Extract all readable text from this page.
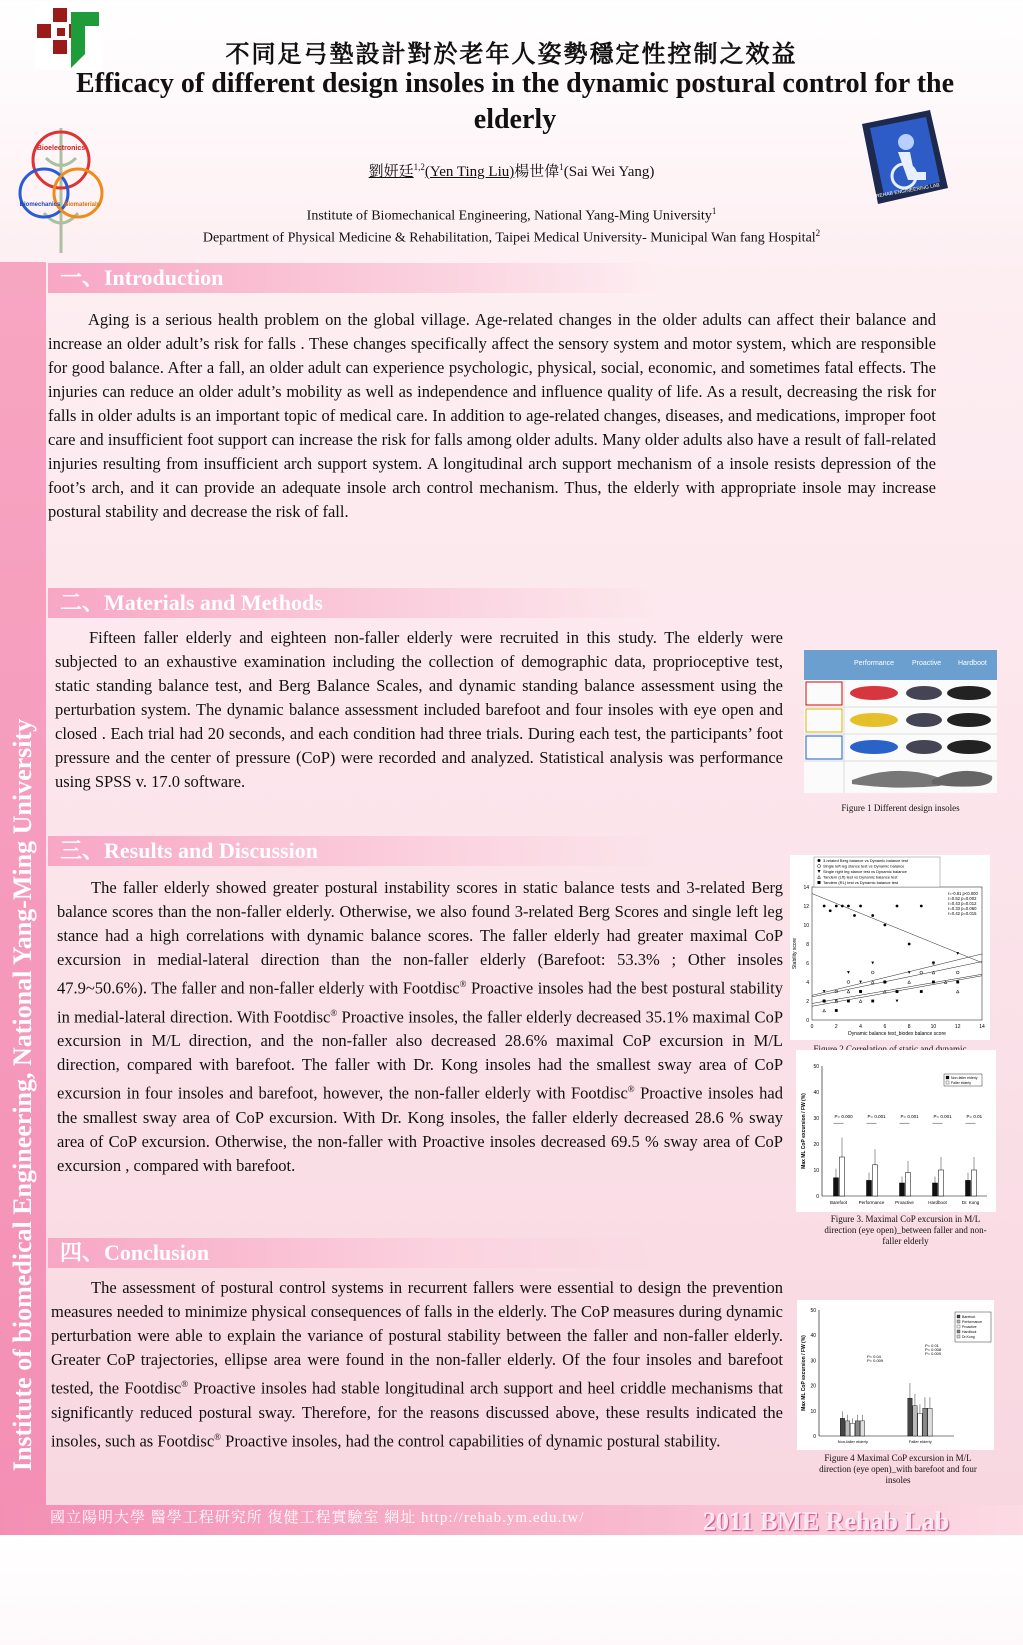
Institute of biomedical Engineering, National Yang-Ming University
Bioelectronics
Biomechanics Biomaterials
REHAB ENGINEERING LAB
不同足弓墊設計對於老年人姿勢穩定性控制之效益
Efficacy of different design insoles in the dynamic postural control for the elderly
劉妍廷$^{1,2}$(Yen Ting Liu)楊世偉$^1$(Sai Wei Yang)
Institute of Biomechanical Engineering, National Yang-Ming University$^1$
Department of Physical Medicine & Rehabilitation, Taipei Medical University- Municipal Wan fang Hospital$^2$
一、Introduction

Aging is a serious health problem on the global village. Age-related changes in the older adults can affect their balance and increase an older adult’s risk for falls . These changes specifically affect the sensory system and motor system, which are responsible for good balance. After a fall, an older adult can experience psychologic, physical, social, economic, and sometimes fatal effects. The injuries can reduce an older adult’s mobility as well as independence and influence quality of life. As a result, decreasing the risk for falls in older adults is an important topic of medical care. In addition to age-related changes, diseases, and medications, improper foot care and insufficient foot support can increase the risk for falls among older adults. Many older adults also have a result of fall-related injuries resulting from insufficient arch support system. A longitudinal arch support mechanism of a insole resists depression of the foot’s arch, and it can provide an adequate insole arch control mechanism. Thus, the elderly with appropriate insole may increase postural stability and decrease the risk of fall.

二、Materials and Methods

Fifteen faller elderly and eighteen non-faller elderly were recruited in this study. The elderly were subjected to an exhaustive examination including the collection of demographic data, proprioceptive test, static standing balance test, and Berg Balance Scales, and dynamic standing balance assessment using the perturbation system. The dynamic balance assessment included barefoot and four insoles with eye open and closed . Each trial had 20 seconds, and each condition had three trials. During each test, the participants’ foot pressure and the center of pressure (CoP) were recorded and analyzed. Statistical analysis was performance using SPSS v. 17.0 software.

Performance	Proactive Hardboot
Figure 1 Different design insoles
三、Results and Discussion

The faller elderly showed greater postural instability scores in static balance tests and 3-related Berg balance scores than the non-faller elderly. Otherwise, we also found 3-related Berg Scores and single left leg stance had a high correlations with dynamic balance scores. The faller elderly had greater maximal CoP excursion in medial-lateral direction than the non-faller elderly (Barefoot: 53.3% ; Other insoles 47.9~50.6%). The faller and non-faller elderly with Footdisc® Proactive insoles had the best postural stability in medial-lateral direction. With Footdisc® Proactive insoles, the faller elderly decreased 35.1% maximal CoP excursion in M/L direction, and the non-faller also decreased 28.6% maximal CoP excursion in M/L direction, compared with barefoot. The faller with Dr. Kong insoles had the smallest sway area of CoP excursion in four insoles and barefoot, however, the non-faller elderly with Footdisc® Proactive insoles had the smallest sway area of CoP excursion. With Dr. Kong insoles, the faller elderly decreased 28.6 % sway area of CoP excursion. Otherwise, the non-faller with Proactive insoles decreased 69.5 % sway area of CoP excursion , compared with barefoot.

0	2	4	6	8	10	12	14
0
2
4
6
8
10
12
14
Dynamic balance test_biodex balance score
Stability score
3-related Berg balance vs Dynamic balance test
Single left leg stance test vs Dynamic balance
Single right leg stance test vs Dynamic balance
Tandem (Lft) test vs Dynamic balance test
Tandem (RL) test vs Dynamic balance test
r=-0.81 p<0.000
r=0.52 p=0.002
r=0.43 p=0.012
r=0.33 p=0.060
r=0.42 p=0.015
Figure 2 Correlation of static and dynamic balance tests
0
10
20
30
40
50
Max ML CoP excursion / FW (%)
Barefoot
P= 0.000
Performance
P= 0.001
Proactive
P= 0.001
Hardboot
P= 0.001
Dr. Kong
P= 0.01
Non-faller elderly
Faller elderly
Figure 3. Maximal CoP excursion in M/L direction (eye open)_between faller and non-faller elderly
四、Conclusion

The assessment of postural control systems in recurrent fallers were essential to design the prevention measures needed to minimize physical consequences of falls in the elderly. The CoP measures during dynamic perturbation were able to explain the variance of postural stability between the faller and non-faller elderly. Greater CoP trajectories, ellipse area were found in the non-faller elderly. Of the four insoles and barefoot tested, the Footdisc® Proactive insoles had stable longitudinal arch support and heel criddle mechanisms that significantly reduced postural sway. Therefore, for the reasons discussed above, these results indicated the insoles, such as Footdisc® Proactive insoles, had the control capabilities of dynamic postural stability.	0
10
20
30
40
50
Max ML CoP excursion / FW (%)
Non-faller elderly	Faller elderly
P= 0.04
P= 0.009
P= 0.01
P= 0.008
P= 0.000
Barefoot
Performance
Proactive
Hardboot
Dr.Kong
Figure 4 Maximal CoP excursion in M/L direction (eye open)_with barefoot and four insoles
國立陽明大學 醫學工程研究所 復健工程實驗室 網址 http://rehab.ym.edu.tw/	2011 BME Rehab Lab
